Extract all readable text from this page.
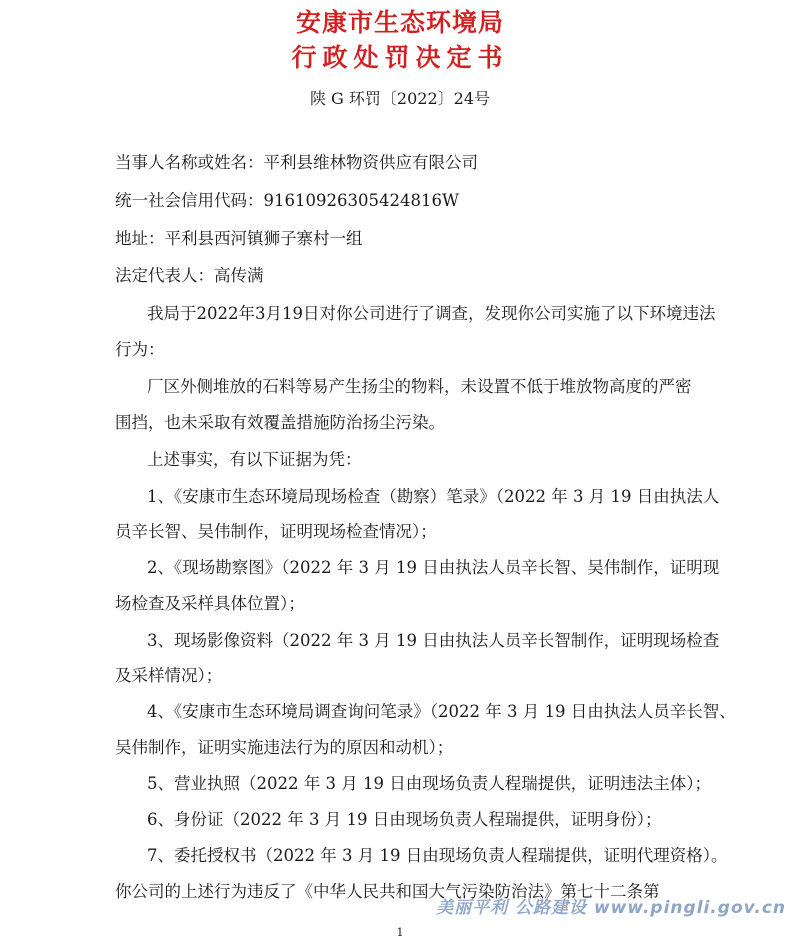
安康市生态环境局
行政处罚决定书
陕 G 环罚〔2022〕24号
当事人名称或姓名：平利县维林物资供应有限公司
统一社会信用代码：91610926305424816W
地址：平利县西河镇狮子寨村一组
法定代表人：高传满
我局于2022年3月19日对你公司进行了调查，发现你公司实施了以下环境违法
行为：
厂区外侧堆放的石料等易产生扬尘的物料，未设置不低于堆放物高度的严密
围挡，也未采取有效覆盖措施防治扬尘污染。
上述事实，有以下证据为凭：
1、《安康市生态环境局现场检查（勘察）笔录》（2022 年 3 月 19 日由执法人
员辛长智、吴伟制作，证明现场检查情况）；
2、《现场勘察图》（2022 年 3 月 19 日由执法人员辛长智、吴伟制作，证明现
场检查及采样具体位置）；
3、现场影像资料（2022 年 3 月 19 日由执法人员辛长智制作，证明现场检查
及采样情况）；
4、《安康市生态环境局调查询问笔录》（2022 年 3 月 19 日由执法人员辛长智、
吴伟制作，证明实施违法行为的原因和动机）；
5、营业执照（2022 年 3 月 19 日由现场负责人程瑞提供，证明违法主体）；
6、身份证（2022 年 3 月 19 日由现场负责人程瑞提供，证明身份）；
7、委托授权书（2022 年 3 月 19 日由现场负责人程瑞提供，证明代理资格）。
你公司的上述行为违反了《中华人民共和国大气污染防治法》第七十二条第
美丽平利 公路建设 www.pingli.gov.cn
1
